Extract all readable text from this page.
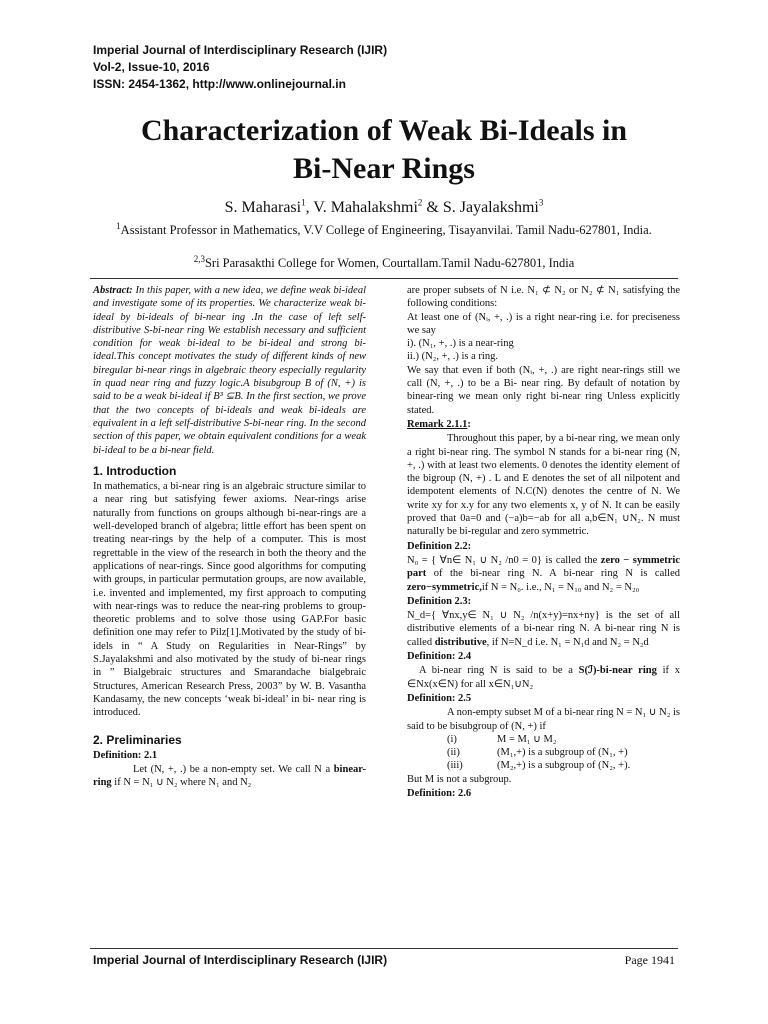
Imperial Journal of Interdisciplinary Research (IJIR)
Vol-2, Issue-10, 2016
ISSN: 2454-1362, http://www.onlinejournal.in
Characterization of Weak Bi-Ideals in
Bi-Near Rings
S. Maharasi$^1$, V. Mahalakshmi$^2$ & S. Jayalakshmi$^3$
$^1$Assistant Professor in Mathematics, V.V College of Engineering, Tisayanvilai. Tamil Nadu-627801, India.
$^{2,3}$Sri Parasakthi College for Women, Courtallam.Tamil Nadu-627801, India

Abstract: In this paper, with a new idea, we define weak bi-ideal and investigate some of its properties. We characterize weak bi-ideal by bi-ideals of bi-near ing .In the case of left self-distributive S-bi-near ring We establish necessary and sufficient condition for weak bi-ideal to be bi-ideal and strong bi-ideal.This concept motivates the study of different kinds of new biregular bi-near rings in algebraic theory especially regularity in quad near ring and fuzzy logic.A bisubgroup B of (N, +) is said to be a weak bi-ideal if B³ ⊆B. In the first section, we prove that the two concepts of bi-ideals and weak bi-ideals are equivalent in a left self-distributive S-bi-near ring. In the second section of this paper, we obtain equivalent conditions for a weak bi-ideal to be a bi-near field.

1. Introduction

In mathematics, a bi-near ring is an algebraic structure similar to a near ring but satisfying fewer axioms. Near-rings arise naturally from functions on groups although bi-near-rings are a well-developed branch of algebra; little effort has been spent on treating near-rings by the help of a computer. This is most regrettable in the view of the research in both the theory and the applications of near-rings. Since good algorithms for computing with groups, in particular permutation groups, are now available, i.e. invented and implemented, my first approach to computing with near-rings was to reduce the near-ring problems to group-theoretic problems and to solve those using GAP.For basic definition one may refer to Pilz[1].Motivated by the study of bi-idels in “ A Study on Regularities in Near-Rings” by S.Jayalakshmi and also motivated by the study of bi-near rings in ” Bialgebraic structures and Smarandache bialgebraic Structures, American Research Press, 2003” by W. B. Vasantha Kandasamy, the new concepts ‘weak bi-ideal’ in bi- near ring is introduced.

2. Preliminaries
Definition: 2.1

Let (N, +, .) be a non-empty set. We call N a binear-ring if N = N₁ ∪ N₂ where N₁ and N₂

are proper subsets of N i.e. N₁ ⊄ N₂ or N₂ ⊄ N₁ satisfying the following conditions:

At least one of (Nᵢ, +, .) is a right near-ring i.e. for preciseness we say

i). (N₁, +, .) is a near-ring

ii.) (N₂, +, .) is a ring.

We say that even if both (Nᵢ, +, .) are right near-rings still we call (N, +, .) to be a Bi- near ring. By default of notation by binear-ring we mean only right bi-near ring Unless explicitly stated.

Remark 2.1.1:

Throughout this paper, by a bi-near ring, we mean only a right bi-near ring. The symbol N stands for a bi-near ring (N, +, .) with at least two elements. 0 denotes the identity element of the bigroup (N, +) . L and E denotes the set of all nilpotent and idempotent elements of N.C(N) denotes the centre of N. We write xy for x.y for any two elements x, y of N. It can be easily proved that 0a=0 and (−a)b=−ab for all a,b∈N₁ ∪N₂. N must naturally be bi-regular and zero symmetric.

Definition 2.2:

N₀ = { ∀n∈ N₁ ∪ N₂ /n0 = 0} is called the zero − symmetric part of the bi-near ring N. A bi-near ring N is called zero−symmetric,if N = N₀. i.e., N₁ = N₁₀ and N₂ = N₂₀

Definition 2.3:

N_d={ ∀nx,y∈ N₁ ∪ N₂ /n(x+y)=nx+ny} is the set of all distributive elements of a bi-near ring N. A bi-near ring N is called distributive, if N=N_d i.e. N₁ = N₁d and N₂ = N₂d

Definition: 2.4

A bi-near ring N is said to be a S(ℐ)-bi-near ring if x ∈Nx(x∈N) for all x∈N₁∪N₂

Definition: 2.5

A non-empty subset M of a bi-near ring N = N₁ ∪ N₂ is said to be bisubgroup of (N, +) if

(i)	M = M₁ ∪ M₂
(ii)	(M₁,+) is a subgroup of (N₁, +)
(iii)	(M₂,+) is a subgroup of (N₂, +).

But M is not a subgroup.

Definition: 2.6
Imperial Journal of Interdisciplinary Research (IJIR)	Page 1941
